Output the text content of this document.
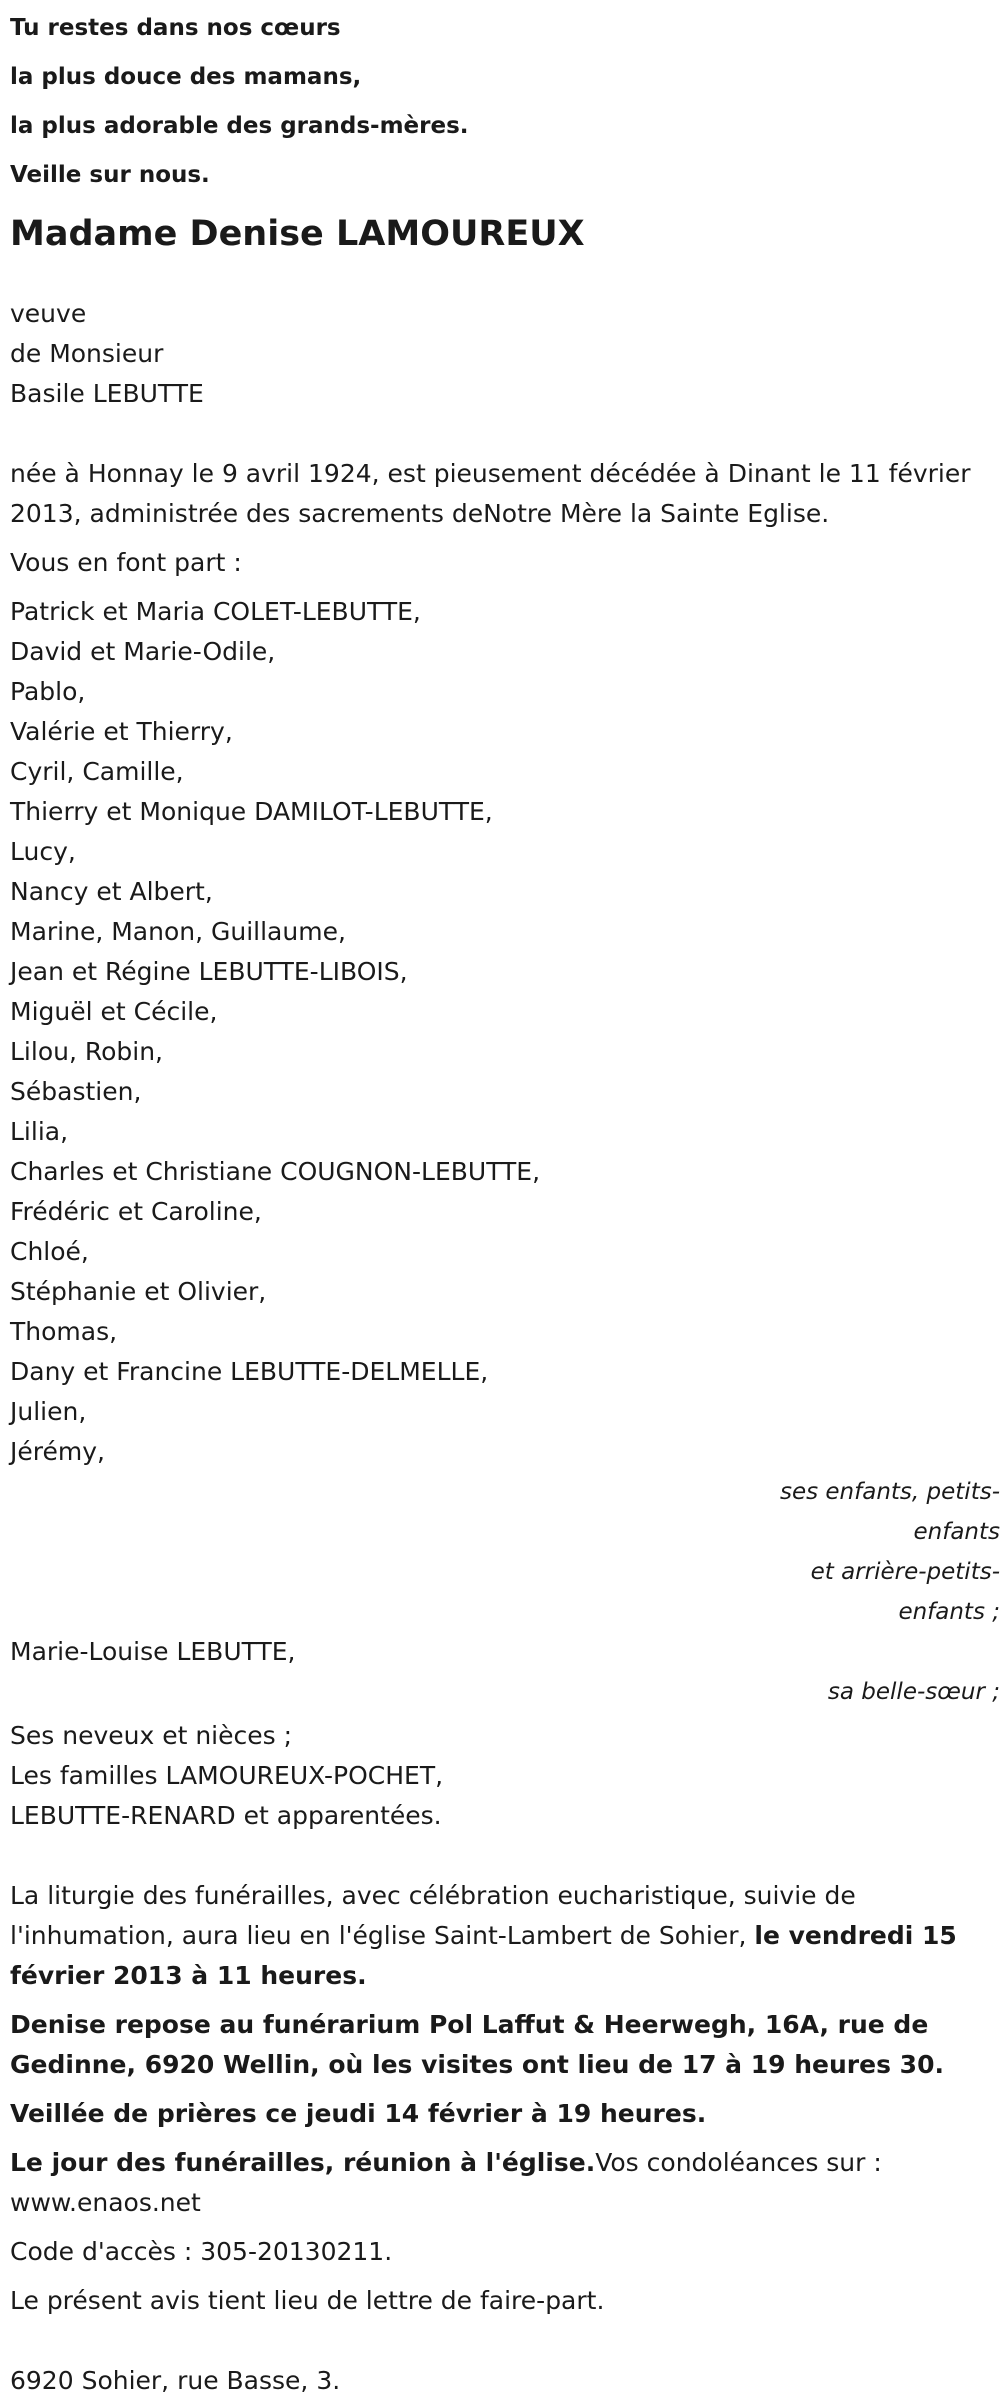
Tu restes dans nos cœurs

la plus douce des mamans,

la plus adorable des grands-mères.

Veille sur nous.

Madame Denise LAMOUREUX

veuve

de Monsieur

Basile LEBUTTE

née à Honnay le 9 avril 1924, est pieusement décédée à Dinant le 11 février 2013, administrée des sacrements deNotre Mère la Sainte Eglise.

Vous en font part :

Patrick et Maria COLET-LEBUTTE,

David et Marie-Odile,

Pablo,

Valérie et Thierry,

Cyril, Camille,

Thierry et Monique DAMILOT-LEBUTTE,

Lucy,

Nancy et Albert,

Marine, Manon, Guillaume,

Jean et Régine LEBUTTE-LIBOIS,

Miguël et Cécile,

Lilou, Robin,

Sébastien,

Lilia,

Charles et Christiane COUGNON-LEBUTTE,

Frédéric et Caroline,

Chloé,

Stéphanie et Olivier,

Thomas,

Dany et Francine LEBUTTE-DELMELLE,

Julien,

Jérémy,

ses enfants, petits-enfants

et arrière-petits-enfants ;

Marie-Louise LEBUTTE,

sa belle-sœur ;

Ses neveux et nièces ;

Les familles LAMOUREUX-POCHET,

LEBUTTE-RENARD et apparentées.

La liturgie des funérailles, avec célébration eucharistique, suivie de l'inhumation, aura lieu en l'église Saint-Lambert de Sohier, le vendredi 15 février 2013 à 11 heures.

Denise repose au funérarium Pol Laffut & Heerwegh, 16A, rue de Gedinne, 6920 Wellin, où les visites ont lieu de 17 à 19 heures 30.

Veillée de prières ce jeudi 14 février à 19 heures.

Le jour des funérailles, réunion à l'église.Vos condoléances sur : www.enaos.net

Code d'accès : 305-20130211.

Le présent avis tient lieu de lettre de faire-part.

6920 Sohier, rue Basse, 3.
